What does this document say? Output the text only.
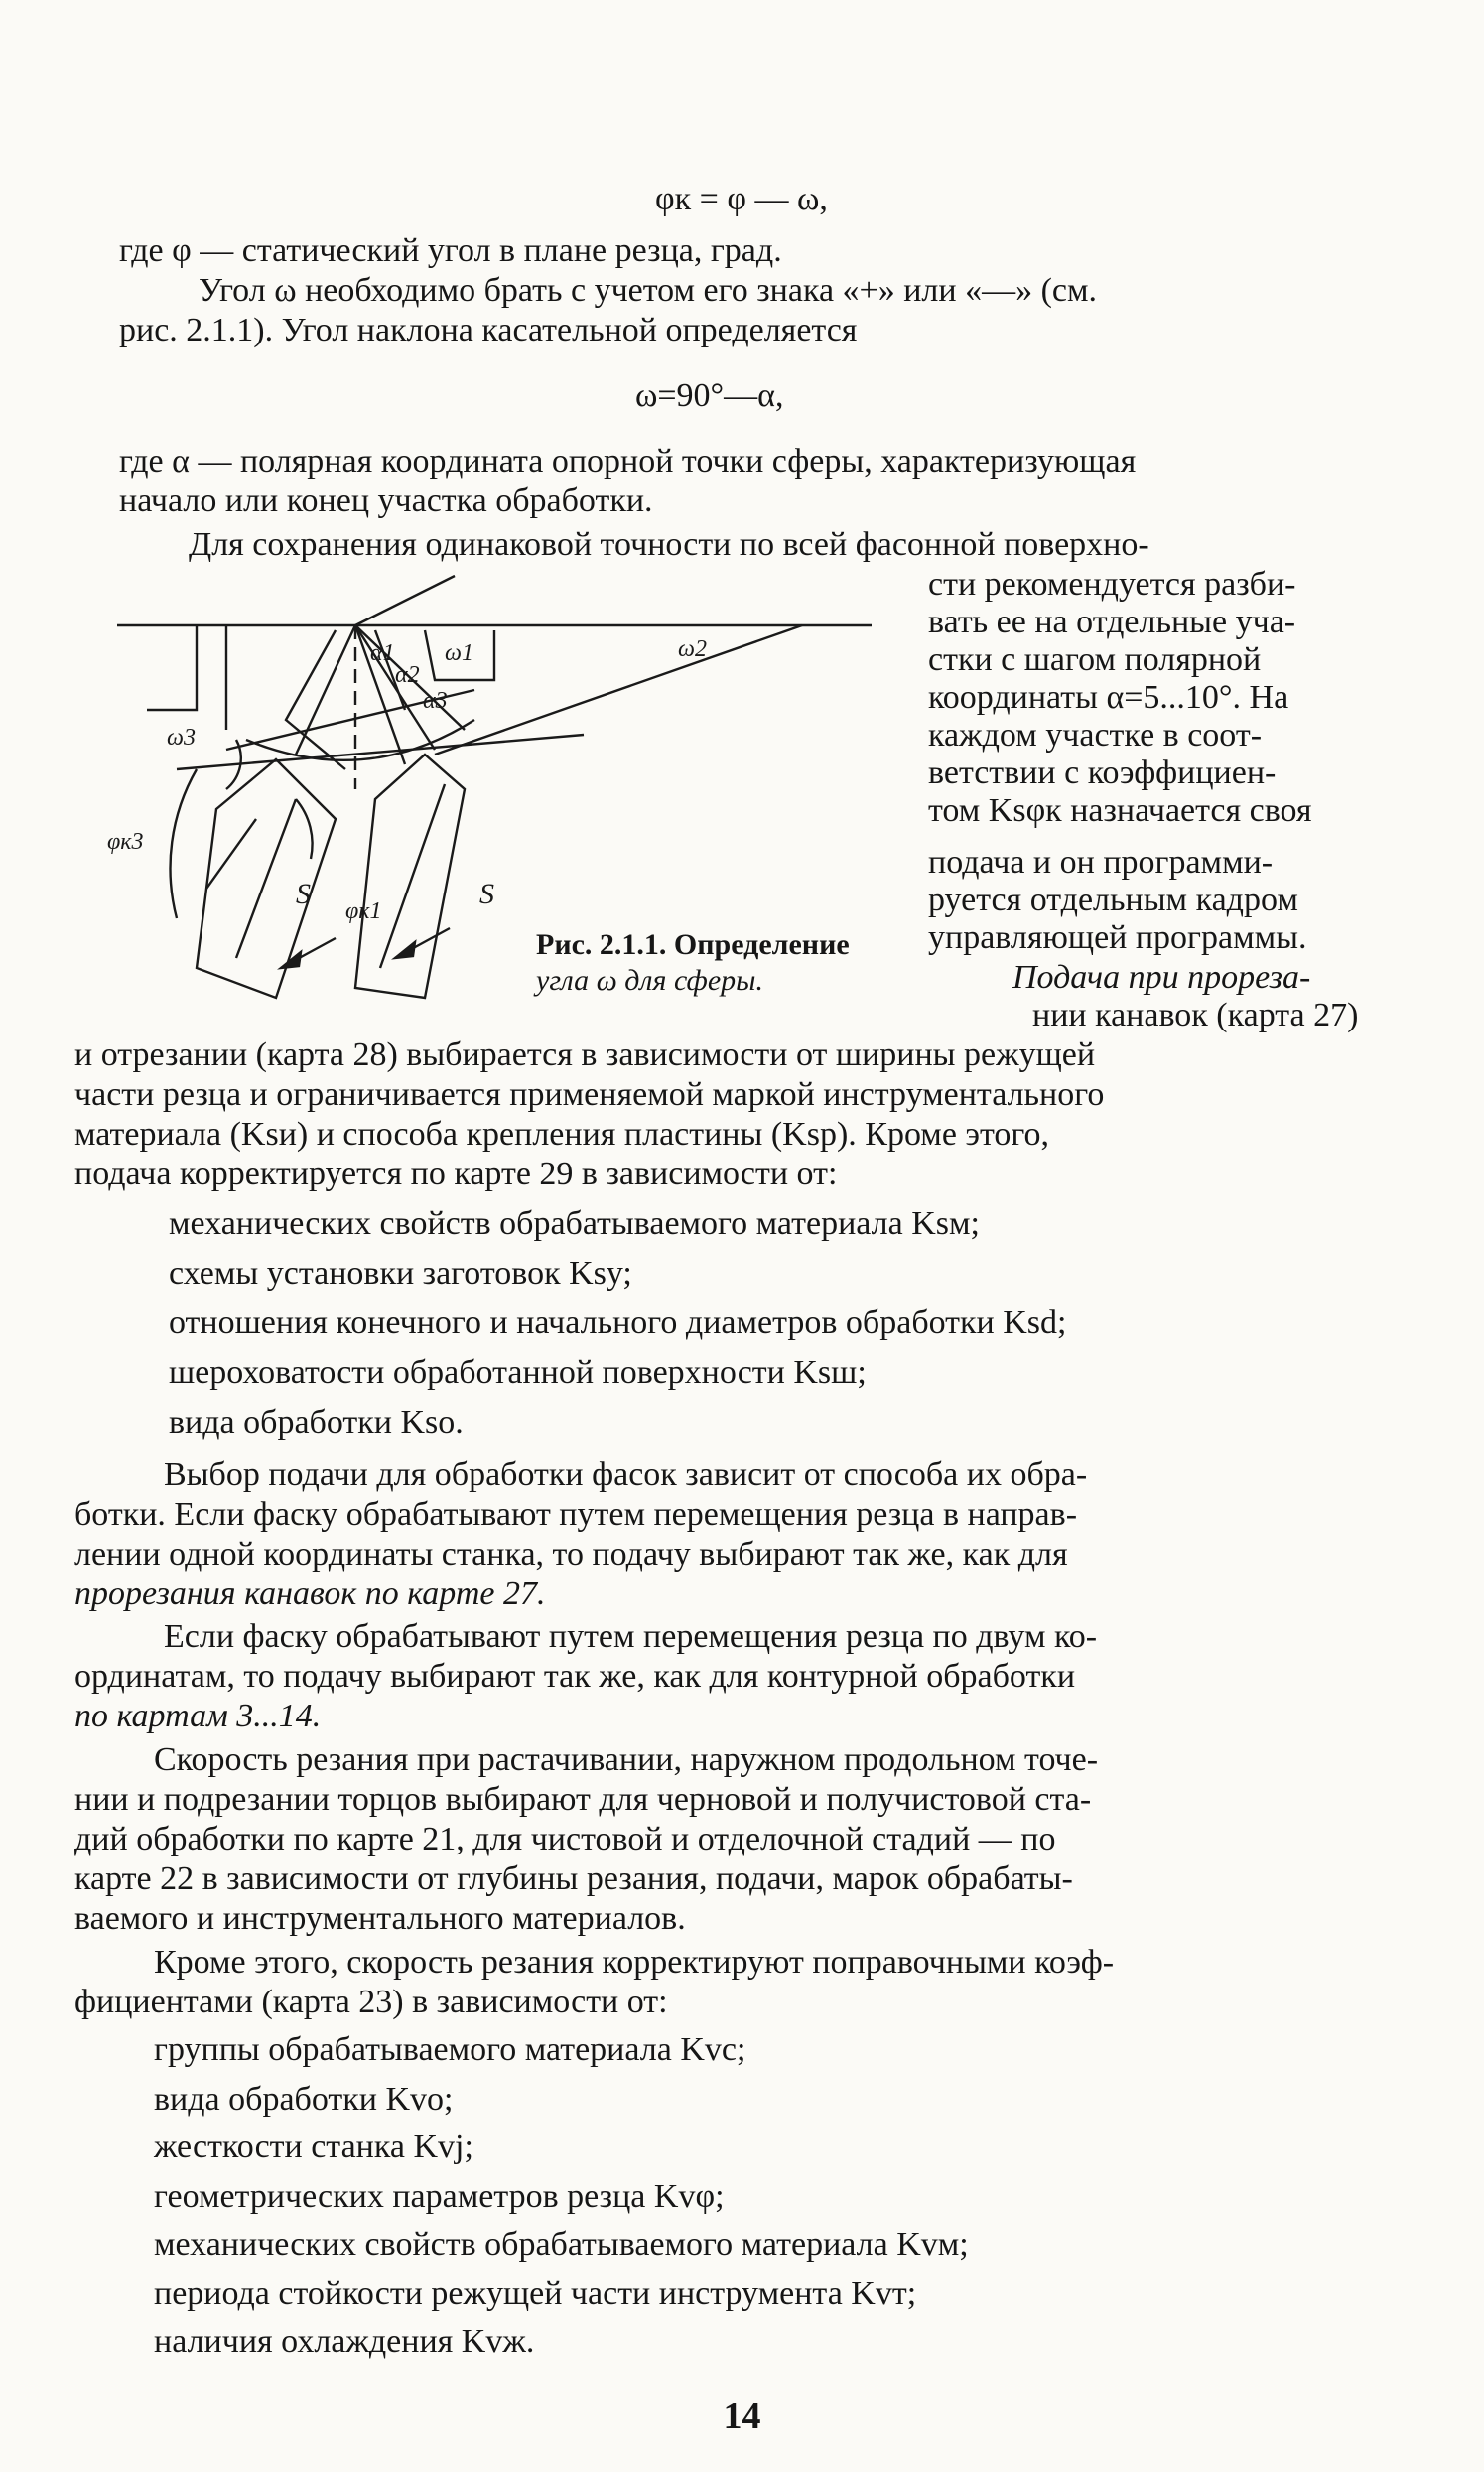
φк = φ — ω,
где φ — статический угол в плане резца, град.
Угол ω необходимо брать с учетом его знака «+» или «—» (см.
рис. 2.1.1). Угол наклона касательной определяется
ω=90°—α,
где α — полярная координата опорной точки сферы, характеризующая
начало или конец участка обработки.
Для сохранения одинаковой точности по всей фасонной поверхно-
сти рекомендуется разби-
вать ее на отдельные уча-
стки с шагом полярной
координаты α=5...10°. На
каждом участке в соот-
ветствии с коэффициен-
том Ksφк назначается своя
подача и он программи-
руется отдельным кадром
управляющей программы.
Подача при прореза-
нии канавок (карта 27)
α1
α2
α3
ω1	ω2
ω3
φк3
φк1
S	S
Рис. 2.1.1. Определение
угла ω для сферы.
и отрезании (карта 28) выбирается в зависимости от ширины режущей
части резца и ограничивается применяемой маркой инструментального
материала (Ksи) и способа крепления пластины (Ksр). Кроме этого,
подача корректируется по карте 29 в зависимости от:
механических свойств обрабатываемого материала Ksм;
схемы установки заготовок Ksу;
отношения конечного и начального диаметров обработки Ksd;
шероховатости обработанной поверхности Ksш;
вида обработки Ksо.
Выбор подачи для обработки фасок зависит от способа их обра-
ботки. Если фаску обрабатывают путем перемещения резца в направ-
лении одной координаты станка, то подачу выбирают так же, как для
прорезания канавок по карте 27.
Если фаску обрабатывают путем перемещения резца по двум ко-
ординатам, то подачу выбирают так же, как для контурной обработки
по картам 3...14.
Скорость резания при растачивании, наружном продольном точе-
нии и подрезании торцов выбирают для черновой и получистовой ста-
дий обработки по карте 21, для чистовой и отделочной стадий — по
карте 22 в зависимости от глубины резания, подачи, марок обрабаты-
ваемого и инструментального материалов.
Кроме этого, скорость резания корректируют поправочными коэф-
фициентами (карта 23) в зависимости от:
группы обрабатываемого материала Kvс;
вида обработки Kvо;
жесткости станка Kvj;
геометрических параметров резца Kvφ;
механических свойств обрабатываемого материала Kvм;
периода стойкости режущей части инструмента Kvт;
наличия охлаждения Kvж.
14
